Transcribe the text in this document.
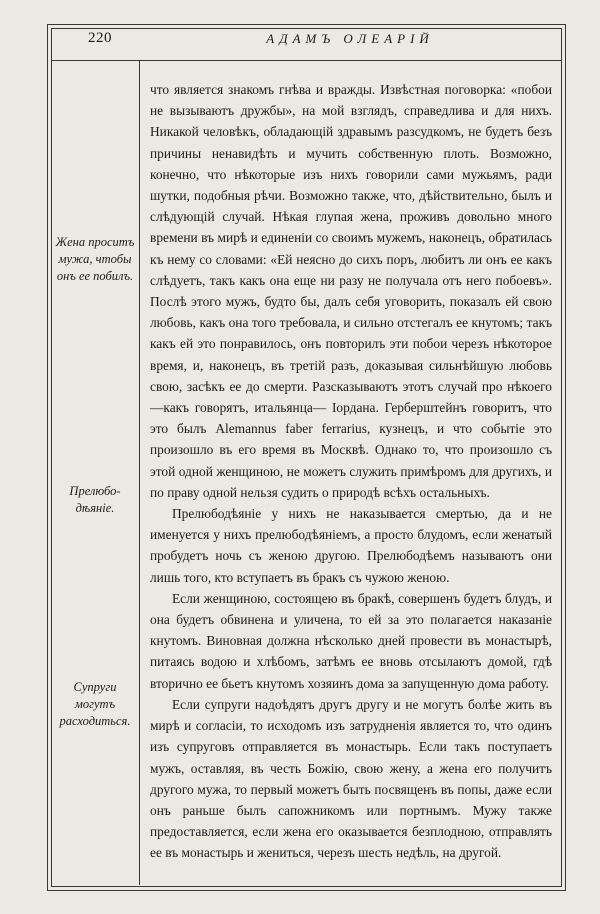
220	АДАМЪ ОЛЕАРІЙ
Жена проситъ мужа, чтобы онъ ее побилъ.
Прелюбо- дѣяніе.
Супруги могутъ расходиться.

что является знакомъ гнѣва и вражды. Извѣстная поговорка: «побои не вызываютъ дружбы», на мой взглядъ, справедлива и для нихъ. Никакой человѣкъ, обладающій здравымъ разсудкомъ, не будетъ безъ причины ненавидѣть и мучить собственную плоть. Возможно, конечно, что нѣкоторые изъ нихъ говорили сами мужьямъ, ради шутки, подобныя рѣчи. Возможно также, что, дѣйствительно, былъ и слѣдующій случай. Нѣкая глупая жена, проживъ довольно много времени въ мирѣ и единеніи со своимъ мужемъ, наконецъ, обратилась къ нему со словами: «Ей неясно до сихъ поръ, любитъ ли онъ ее какъ слѣдуетъ, такъ какъ она еще ни разу не получала отъ него побоевъ». Послѣ этого мужъ, будто бы, далъ себя уговорить, показалъ ей свою любовь, какъ она того требовала, и сильно отстегалъ ее кнутомъ; такъ какъ ей это понравилось, онъ повторилъ эти побои черезъ нѣкоторое время, и, наконецъ, въ третій разъ, доказывая сильнѣйшую любовь свою, засѣкъ ее до смерти. Разсказываютъ этотъ случай про нѣкоего—какъ говорятъ, итальянца— Іордана. Герберштейнъ говоритъ, что это былъ Alemannus faber ferrarius, кузнецъ, и что событіе это произошло въ его время въ Москвѣ. Однако то, что произошло съ этой одной женщиною, не можетъ служить примѣромъ для другихъ, и по праву одной нельзя судить о природѣ всѣхъ остальныхъ.

Прелюбодѣяніе у нихъ не наказывается смертью, да и не именуется у нихъ прелюбодѣяніемъ, а просто блудомъ, если женатый пробудетъ ночь съ женою другою. Прелюбодѣемъ называютъ они лишь того, кто вступаетъ въ бракъ съ чужою женою.

Если женщиною, состоящею въ бракѣ, совершенъ будетъ блудъ, и она будетъ обвинена и уличена, то ей за это полагается наказаніе кнутомъ. Виновная должна нѣсколько дней провести въ монастырѣ, питаясь водою и хлѣбомъ, затѣмъ ее вновь отсылаютъ домой, гдѣ вторично ее бьетъ кнутомъ хозяинъ дома за запущенную дома работу.

Если супруги надоѣдятъ другъ другу и не могутъ болѣе жить въ мирѣ и согласіи, то исходомъ изъ затрудненія является то, что одинъ изъ супруговъ отправляется въ монастырь. Если такъ поступаетъ мужъ, оставляя, въ честь Божію, свою жену, а жена его получитъ другого мужа, то первый можетъ быть посвященъ въ попы, даже если онъ раньше былъ сапожникомъ или портнымъ. Мужу также предоставляется, если жена его оказывается безплодною, отправлять ее въ монастырь и жениться, черезъ шесть недѣль, на другой.
